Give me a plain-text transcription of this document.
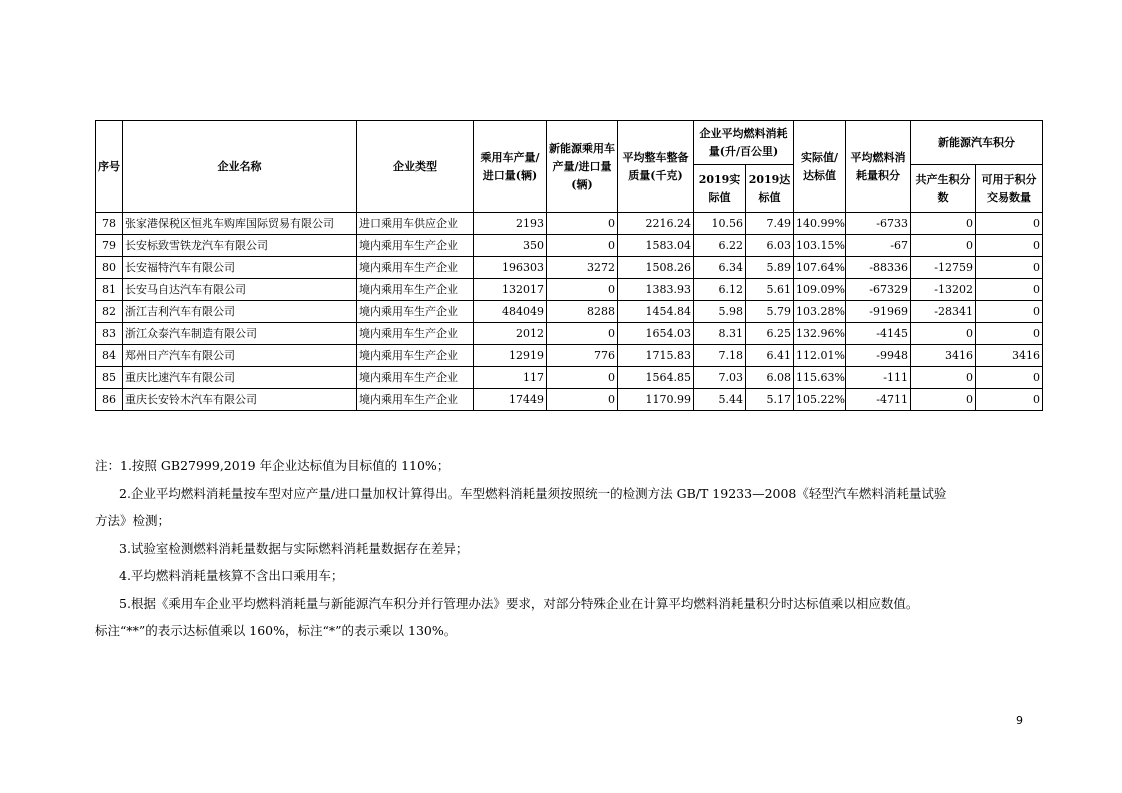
序号	企业名称	企业类型	乘用车产量/进口量(辆)	新能源乘用车产量/进口量(辆)	平均整车整备质量(千克)	企业平均燃料消耗量(升/百公里)		实际值/达标值	平均燃料消耗量积分	新能源汽车积分	
						2019实际值	2019达标值			共产生积分数	可用于积分交易数量
78	张家港保税区恒兆车购库国际贸易有限公司	进口乘用车供应企业	2193	0	2216.24	10.56	7.49	140.99%	-6733	0	0
79	长安标致雪铁龙汽车有限公司	境内乘用车生产企业	350	0	1583.04	6.22	6.03	103.15%	-67	0	0
80	长安福特汽车有限公司	境内乘用车生产企业	196303	3272	1508.26	6.34	5.89	107.64%	-88336	-12759	0
81	长安马自达汽车有限公司	境内乘用车生产企业	132017	0	1383.93	6.12	5.61	109.09%	-67329	-13202	0
82	浙江吉利汽车有限公司	境内乘用车生产企业	484049	8288	1454.84	5.98	5.79	103.28%	-91969	-28341	0
83	浙江众泰汽车制造有限公司	境内乘用车生产企业	2012	0	1654.03	8.31	6.25	132.96%	-4145	0	0
84	郑州日产汽车有限公司	境内乘用车生产企业	12919	776	1715.83	7.18	6.41	112.01%	-9948	3416	3416
85	重庆比速汽车有限公司	境内乘用车生产企业	117	0	1564.85	7.03	6.08	115.63%	-111	0	0
86	重庆长安铃木汽车有限公司	境内乘用车生产企业	17449	0	1170.99	5.44	5.17	105.22%	-4711	0	0

注：1.按照 GB27999,2019 年企业达标值为目标值的 110%；

2.企业平均燃料消耗量按车型对应产量/进口量加权计算得出。车型燃料消耗量须按照统一的检测方法 GB/T 19233—2008《轻型汽车燃料消耗量试验

方法》检测；

3.试验室检测燃料消耗量数据与实际燃料消耗量数据存在差异；

4.平均燃料消耗量核算不含出口乘用车；

5.根据《乘用车企业平均燃料消耗量与新能源汽车积分并行管理办法》要求，对部分特殊企业在计算平均燃料消耗量积分时达标值乘以相应数值。

标注“**”的表示达标值乘以 160%，标注“*”的表示乘以 130%。

9
